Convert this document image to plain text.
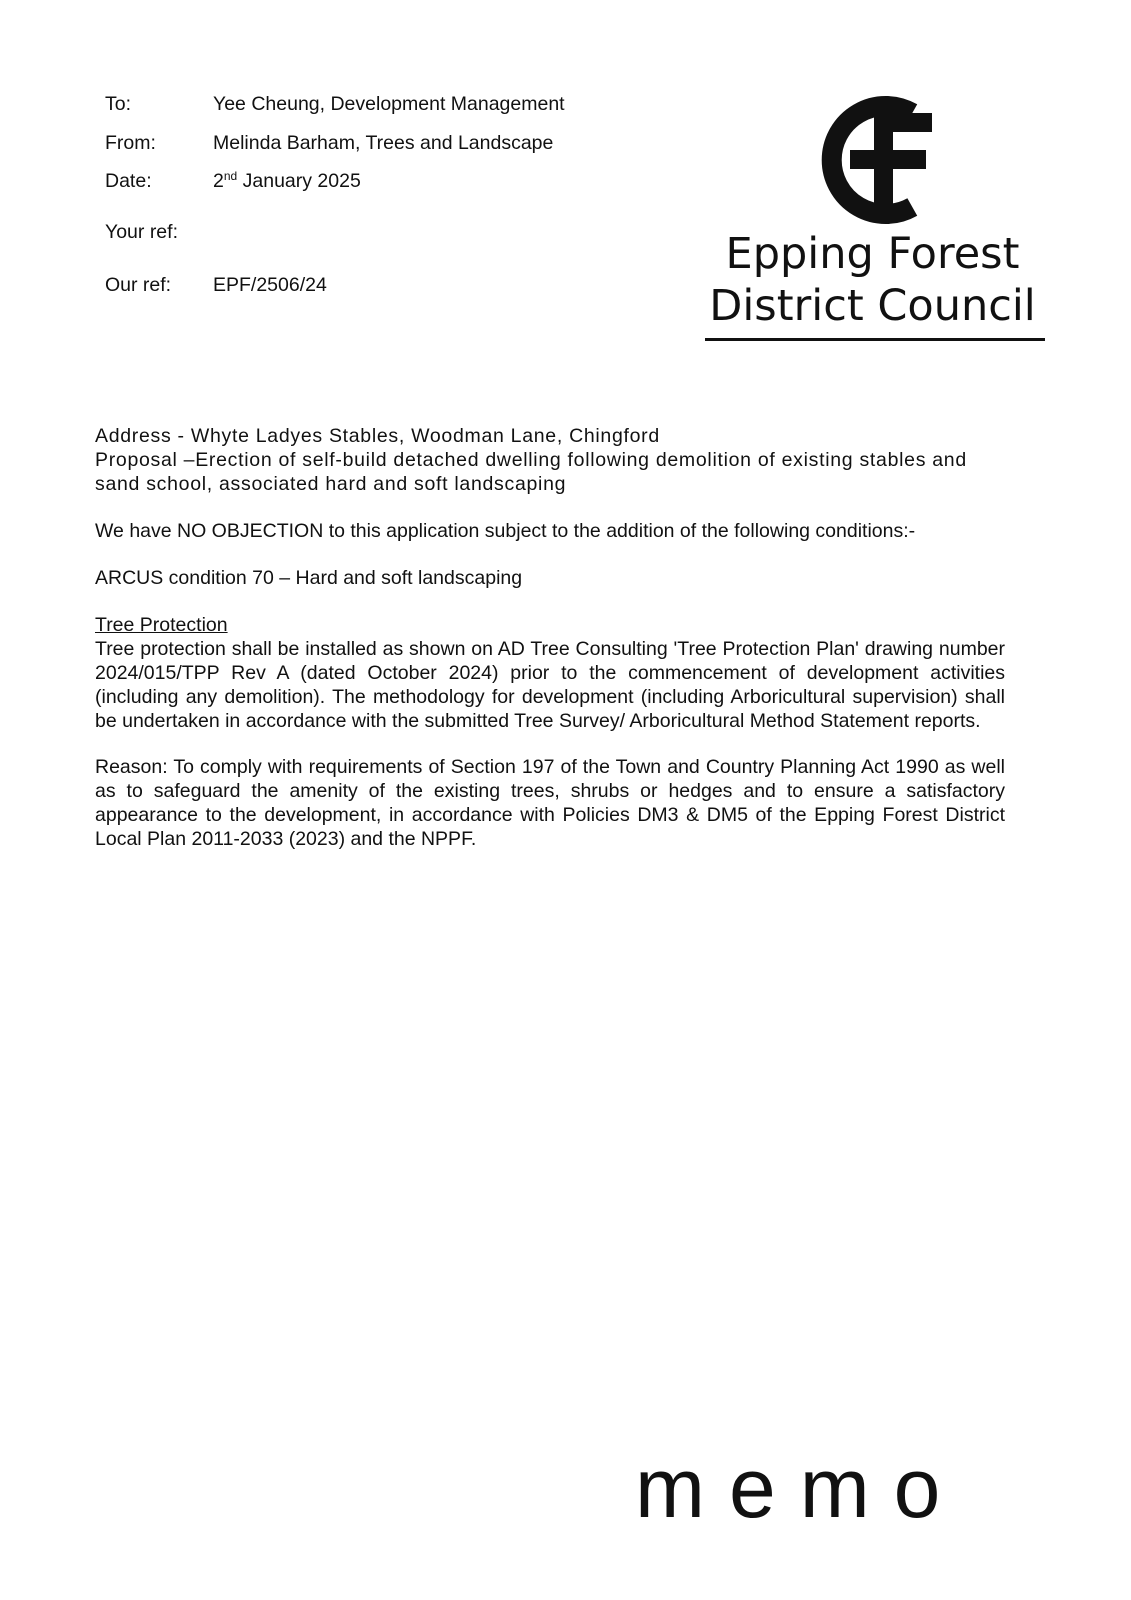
To:	Yee Cheung, Development Management
From:	Melinda Barham, Trees and Landscape
Date:	2nd January 2025
Your ref:
Our ref: EPF/2506/24
Epping Forest
District Council
Address - Whyte Ladyes Stables, Woodman Lane, Chingford
Proposal –Erection of self-build detached dwelling following demolition of existing stables and sand school, associated hard and soft landscaping
We have NO OBJECTION to this application subject to the addition of the following conditions:-
ARCUS condition 70 – Hard and soft landscaping
Tree Protection
Tree protection shall be installed as shown on AD Tree Consulting 'Tree Protection Plan' drawing number 2024/015/TPP Rev A (dated October 2024) prior to the commencement of development activities (including any demolition). The methodology for development (including Arboricultural supervision) shall be undertaken in accordance with the submitted Tree Survey/ Arboricultural Method Statement reports.
Reason: To comply with requirements of Section 197 of the Town and Country Planning Act 1990 as well as to safeguard the amenity of the existing trees, shrubs or hedges and to ensure a satisfactory appearance to the development, in accordance with Policies DM3 & DM5 of the Epping Forest District Local Plan 2011-2033 (2023) and the NPPF.
memo
